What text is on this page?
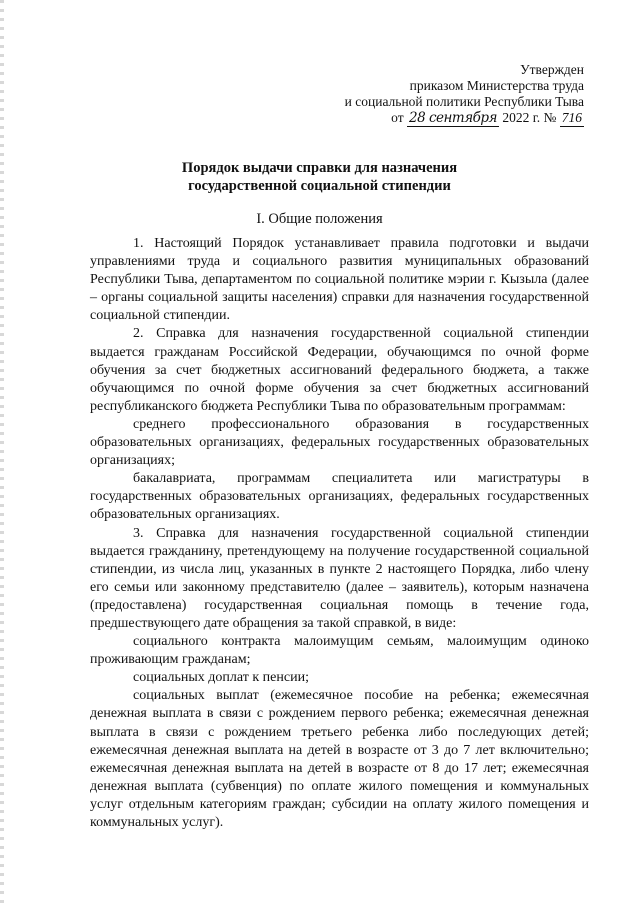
Утвержден
приказом Министерства труда
и социальной политики Республики Тыва
от 28 сентября 2022 г. № 716
Порядок выдачи справки для назначения
государственной социальной стипендии
I. Общие положения

1. Настоящий Порядок устанавливает правила подготовки и выдачи управлениями труда и социального развития муниципальных образований Республики Тыва, департаментом по социальной политике мэрии г. Кызыла (далее – органы социальной защиты населения) справки для назначения государственной социальной стипендии.

2. Справка для назначения государственной социальной стипендии выдается гражданам Российской Федерации, обучающимся по очной форме обучения за счет бюджетных ассигнований федерального бюджета, а также обучающимся по очной форме обучения за счет бюджетных ассигнований республиканского бюджета Республики Тыва по образовательным программам:

среднего профессионального образования в государственных образовательных организациях, федеральных государственных образовательных организациях;

бакалавриата, программам специалитета или магистратуры в государственных образовательных организациях, федеральных государственных образовательных организациях.

3. Справка для назначения государственной социальной стипендии выдается гражданину, претендующему на получение государственной социальной стипендии, из числа лиц, указанных в пункте 2 настоящего Порядка, либо члену его семьи или законному представителю (далее – заявитель), которым назначена (предоставлена) государственная социальная помощь в течение года, предшествующего дате обращения за такой справкой, в виде:

социального контракта малоимущим семьям, малоимущим одиноко проживающим гражданам;

социальных доплат к пенсии;

социальных выплат (ежемесячное пособие на ребенка; ежемесячная денежная выплата в связи с рождением первого ребенка; ежемесячная денежная выплата в связи с рождением третьего ребенка либо последующих детей; ежемесячная денежная выплата на детей в возрасте от 3 до 7 лет включительно; ежемесячная денежная выплата на детей в возрасте от 8 до 17 лет; ежемесячная денежная выплата (субвенция) по оплате жилого помещения и коммунальных услуг отдельным категориям граждан; субсидии на оплату жилого помещения и коммунальных услуг).
